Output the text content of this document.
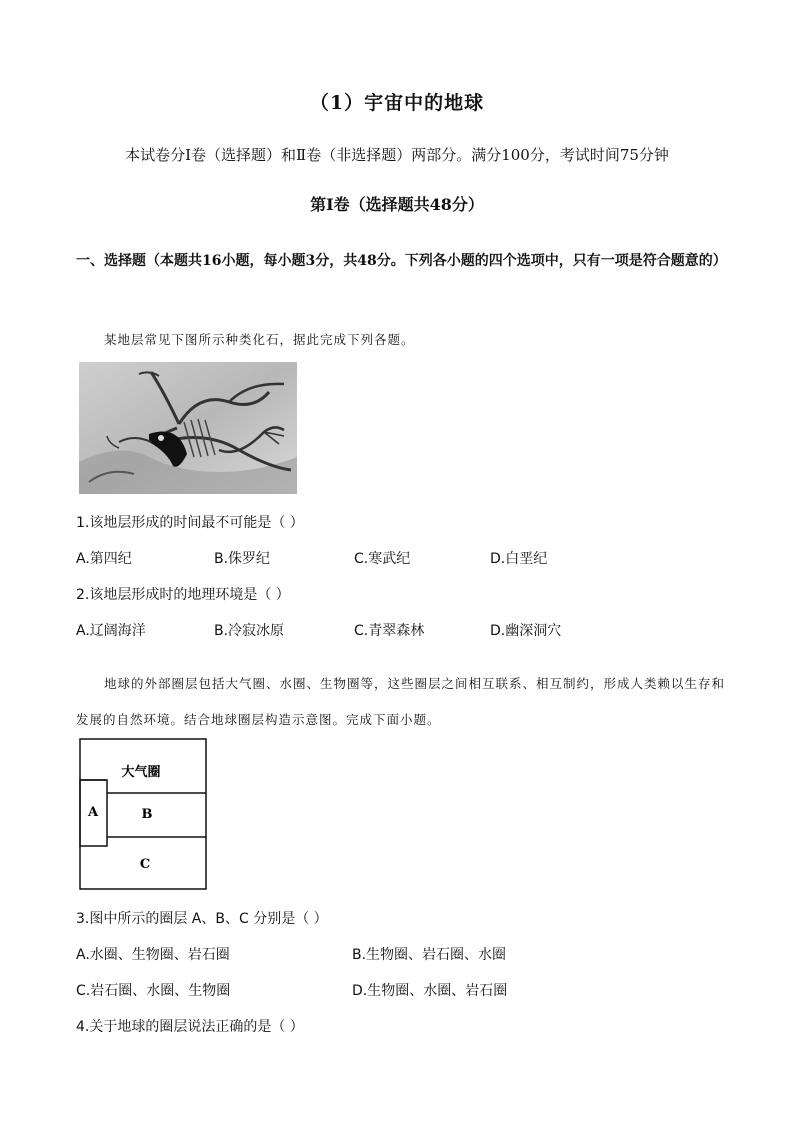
（1）宇宙中的地球
本试卷分Ⅰ卷（选择题）和Ⅱ卷（非选择题）两部分。满分100分，考试时间75分钟
第Ⅰ卷（选择题共48分）
一、选择题（本题共16小题，每小题3分，共48分。下列各小题的四个选项中，只有一项是符合题意的）
某地层常见下图所示种类化石，据此完成下列各题。
1.该地层形成的时间最不可能是（ ）
A.第四纪	B.侏罗纪	C.寒武纪	D.白垩纪
2.该地层形成时的地理环境是（ ）
A.辽阔海洋	B.冷寂冰原	C.青翠森林	D.幽深洞穴
地球的外部圈层包括大气圈、水圈、生物圈等，这些圈层之间相互联系、相互制约，形成人类赖以生存和发展的自然环境。结合地球圈层构造示意图。完成下面小题。
大气圈
A	B
C
3.图中所示的圈层 A、B、C 分别是（ ）
A.水圈、生物圈、岩石圈	B.生物圈、岩石圈、水圈
C.岩石圈、水圈、生物圈	D.生物圈、水圈、岩石圈
4.关于地球的圈层说法正确的是（ ）
